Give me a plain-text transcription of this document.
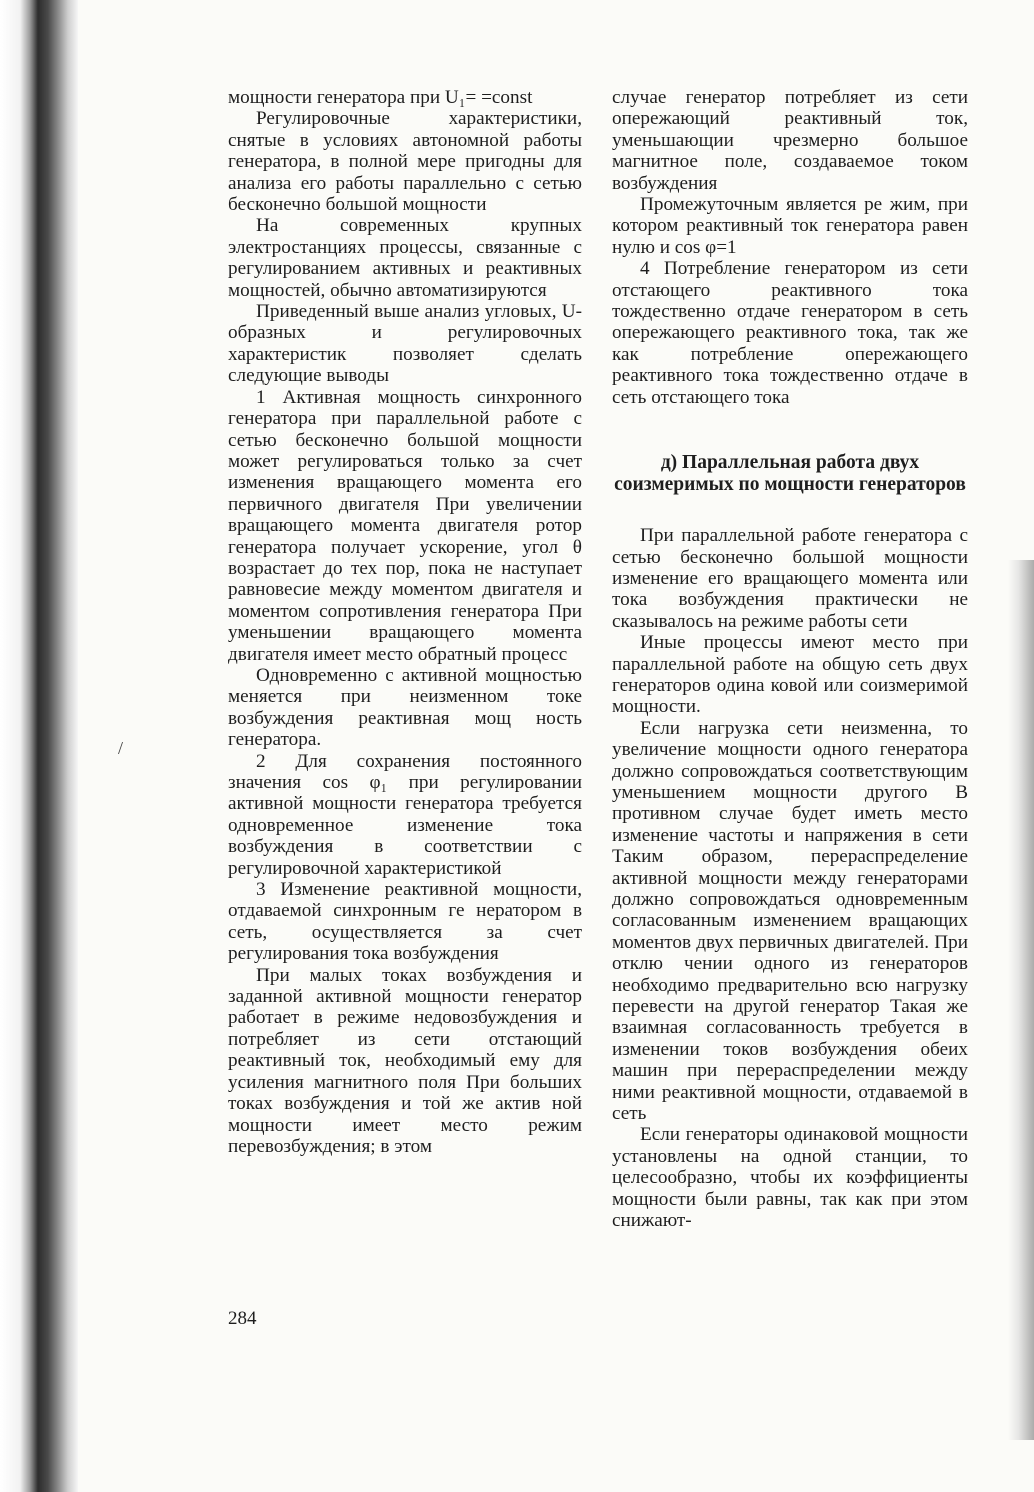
мощности генератора при U₁= =const

Регулировочные характеристики, снятые в условиях автономной работы генератора, в полной мере пригодны для анализа его работы параллельно с сетью бесконечно большой мощности

На современных крупных электростанциях процессы, связанные с регулированием активных и реактивных мощностей, обычно автоматизируются

Приведенный выше анализ угловых, U-образных и регулировочных характеристик позволяет сделать следующие выводы

1 Активная мощность синхронного генератора при параллельной работе с сетью бесконечно большой мощности может регулироваться только за счет изменения вращающего момента его первичного двигателя При увеличении вращающего момента двигателя ротор генератора получает ускорение, угол θ возрастает до тех пор, пока не наступает равновесие между моментом двигателя и моментом сопротивления генератора При уменьшении вращающего момента двигателя имеет место обратный процесс

Одновременно с активной мощностью меняется при неизменном токе возбуждения реактивная мощ ность генератора.

2 Для сохранения постоянного значения cos φ₁ при регулировании активной мощности генератора требуется одновременное изменение тока возбуждения в соответствии с регулировочной характеристикой

3 Изменение реактивной мощности, отдаваемой синхронным ге нератором в сеть, осуществляется за счет регулирования тока возбуждения

При малых токах возбуждения и заданной активной мощности генератор работает в режиме недовозбуждения и потребляет из сети отстающий реактивный ток, необходимый ему для усиления магнитного поля При больших токах возбуждения и той же актив ной мощности имеет место режим перевозбуждения; в этом

случае генератор потребляет из сети опережающий реактивный ток, уменьшающии чрезмерно большое магнитное поле, создаваемое током возбуждения

Промежуточным является ре жим, при котором реактивный ток генератора равен нулю и cos φ=1

4 Потребление генератором из сети отстающего реактивного тока тождественно отдаче генератором в сеть опережающего реактивного тока, так же как потребление опережающего реактивного тока тождественно отдаче в сеть отстающего тока

д) Параллельная работа двух соизмеримых по мощности генераторов

При параллельной работе генератора с сетью бесконечно большой мощности изменение его вращающего момента или тока возбуждения практически не сказывалось на режиме работы сети

Иные процессы имеют место при параллельной работе на общую сеть двух генераторов одина ковой или соизмеримой мощности.

Если нагрузка сети неизменна, то увеличение мощности одного генератора должно сопровождаться соответствующим уменьшением мощности другого В противном случае будет иметь место изменение частоты и напряжения в сети Таким образом, перераспределение активной мощности между генераторами должно сопровождаться одновременным согласованным изменением вращающих моментов двух первичных двигателей. При отклю чении одного из генераторов необходимо предварительно всю нагрузку перевести на другой генератор Такая же взаимная согласованность требуется в изменении токов возбуждения обеих машин при перераспределении между ними реактивной мощности, отдаваемой в сеть

Если генераторы одинаковой мощности установлены на одной станции, то целесообразно, чтобы их коэффициенты мощности были равны, так как при этом снижают-

284
/
